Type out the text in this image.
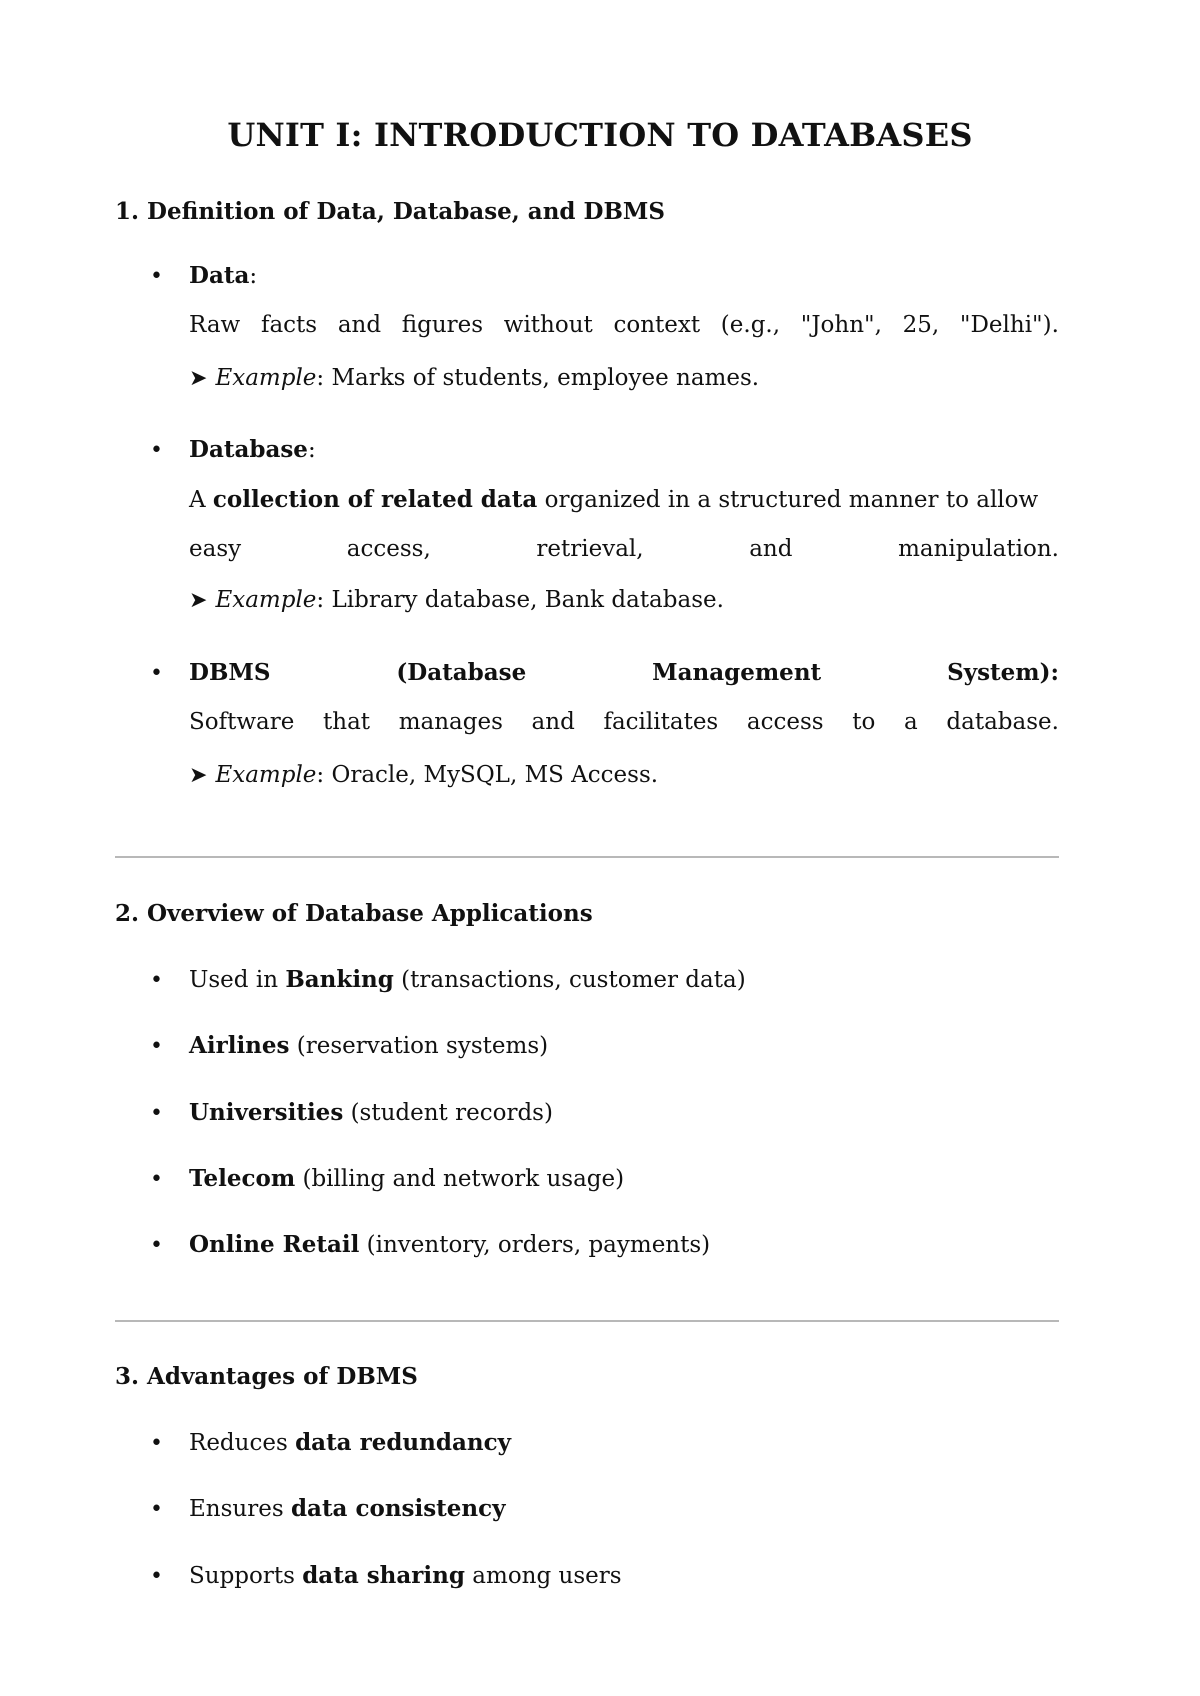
UNIT I: INTRODUCTION TO DATABASES
1. Definition of Data, Database, and DBMS
• Data:
Raw facts and figures without context (e.g., "John", 25, "Delhi").
➤ Example: Marks of students, employee names.
• Database:
A collection of related data organized in a structured manner to allow
easy	access,	retrieval,	and	manipulation.
➤ Example: Library database, Bank database.
• DBMS	(Database	Management	System):
Software that manages and facilitates access to a database.
➤ Example: Oracle, MySQL, MS Access.
2. Overview of Database Applications
• Used in Banking (transactions, customer data)
• Airlines (reservation systems)
• Universities (student records)
• Telecom (billing and network usage)
• Online Retail (inventory, orders, payments)
3. Advantages of DBMS
• Reduces data redundancy
• Ensures data consistency
• Supports data sharing among users
